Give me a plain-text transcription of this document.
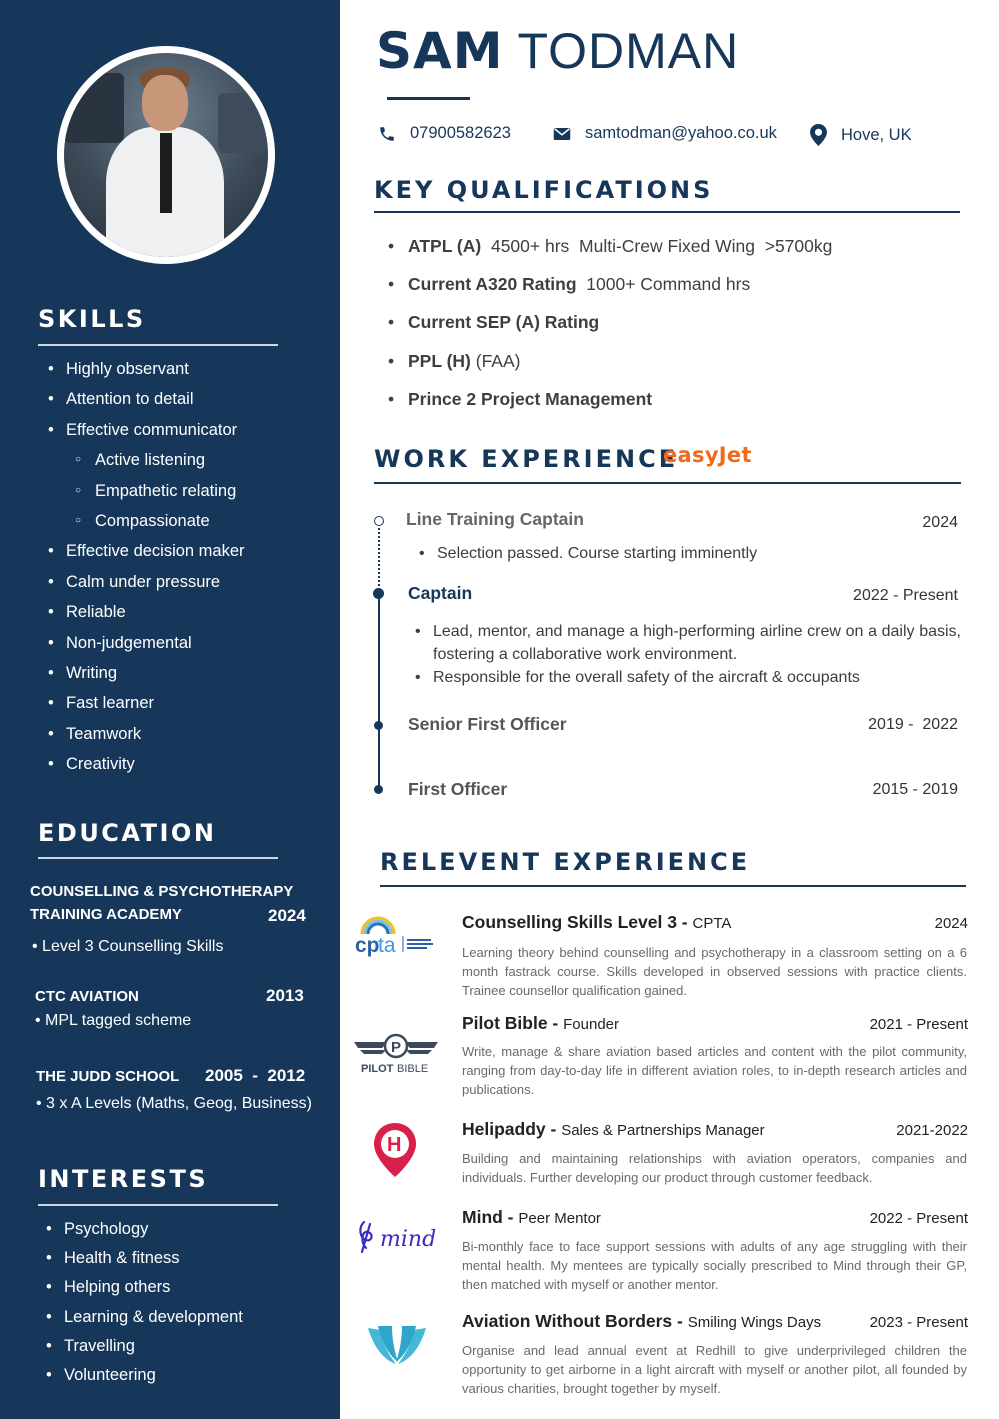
SKILLS
• Highly observant
• Attention to detail
• Effective communicator
○ Active listening
○ Empathetic relating
○ Compassionate
• Effective decision maker
• Calm under pressure
• Reliable
• Non-judgemental
• Writing
• Fast learner
• Teamwork
• Creativity
EDUCATION
COUNSELLING & PSYCHOTHERAPY
TRAINING ACADEMY	2024
• Level 3 Counselling Skills
CTC AVIATION	2013
• MPL tagged scheme
THE JUDD SCHOOL	2005  -  2012
• 3 x A Levels (Maths, Geog, Business)
INTERESTS
• Psychology
• Health & fitness
• Helping others
• Learning & development
• Travelling
• Volunteering
SAM TODMAN
07900582623	samtodman@yahoo.co.uk	Hove, UK
KEY QUALIFICATIONS
• ATPL (A)  4500+ hrs  Multi-Crew Fixed Wing  >5700kg
• Current A320 Rating  1000+ Command hrs
• Current SEP (A) Rating
• PPL (H) (FAA)
• Prince 2 Project Management
WORK EXPERIENCE
easyJet
Line Training Captain	2024
• Selection passed. Course starting imminently
Captain	2022 - Present
• Lead, mentor, and manage a high-performing airline crew on a daily basis, fostering a collaborative work environment.
• Responsible for the overall safety of the aircraft & occupants
Senior First Officer	2019 -  2022
First Officer	2015 - 2019
RELEVENT EXPERIENCE
cp
ta
Counselling Skills Level 3 - CPTA	2024
Learning theory behind counselling and psychotherapy in a classroom setting on a 6 month fastrack course. Skills developed in observed sessions with practice clients. Trainee counsellor qualification gained.
P
PILOT BIBLE
Pilot Bible - Founder	2021 - Present
Write, manage & share aviation based articles and content with the pilot community, ranging from day-to-day life in different aviation roles, to in-depth research articles and publications.
H
Helipaddy - Sales & Partnerships Manager	2021-2022
Building and maintaining relationships with aviation operators, companies and individuals. Further developing our product through customer feedback.
mind
Mind - Peer Mentor	2022 - Present
Bi-monthly face to face support sessions with adults of any age struggling with their mental health. My mentees are typically socially prescribed to Mind through their GP, then matched with myself or another mentor.
Aviation Without Borders - Smiling Wings Days	2023 - Present
Organise and lead annual event at Redhill to give underprivileged children the opportunity to get airborne in a light aircraft with myself or another pilot, all founded by various charities, brought together by myself.
